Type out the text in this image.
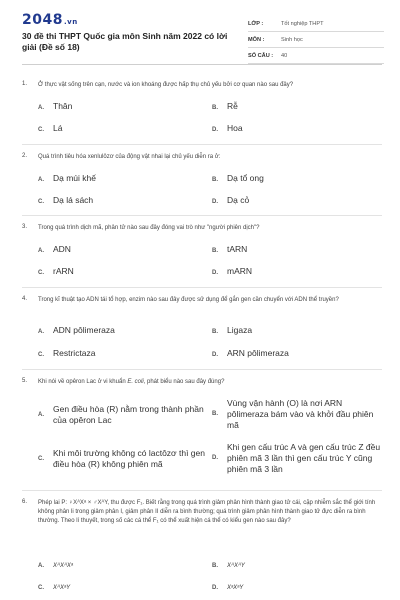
2048.vn
30 đề thi THPT Quốc gia môn Sinh năm 2022 có lời giải (Đề số 18)
LỚP :	Tốt nghiệp THPT
MÔN :	Sinh học
SỐ CÂU : 40
1. Ở thực vật sống trên cạn, nước và ion khoáng được hấp thụ chủ yếu bởi cơ quan nào sau đây?
A. Thân	B. Rễ
C. Lá	D. Hoa
2. Quá trình tiêu hóa xenlulôzơ của động vật nhai lại chủ yếu diễn ra ở:
A. Dạ múi khế	B. Dạ tổ ong
C. Dạ lá sách	D. Dạ cỏ
3. Trong quá trình dịch mã, phân tử nào sau đây đóng vai trò như "người phiên dịch"?
A. ADN	B. tARN
C. rARN	D. mARN
4. Trong kĩ thuật tạo ADN tái tổ hợp, enzim nào sau đây được sử dụng để gắn gen cần chuyển với ADN thể truyền?
A. ADN pôlimeraza	B. Ligaza
C. Restrictaza	D. ARN pôlimeraza
5. Khi nói về opêron Lac ở vi khuẩn E. coli, phát biểu nào sau đây đúng?
A.
Gen điều hòa (R) nằm trong thành phần của opêron Lac
B.
Vùng vận hành (O) là nơi ARN pôlimeraza bám vào và khởi đầu phiên mã
C.
Khi môi trường không có lactôzơ thì gen điều hòa (R) không phiên mã
D.
Khi gen cấu trúc A và gen cấu trúc Z đều phiên mã 3 lần thì gen cấu trúc Y cũng phiên mã 3 lần
6. Phép lai P: ♀XᴬXᵃ × ♂XᴬY, thu được F₁. Biết rằng trong quá trình giảm phân hình thành giao tử cái, cặp nhiễm sắc thể giới tính không phân li trong giảm phân I, giảm phân II diễn ra bình thường; quá trình giảm phân hình thành giao tử đực diễn ra bình thường. Theo lí thuyết, trong số các cá thể F₁ có thể xuất hiện cá thể có kiểu gen nào sau đây?
A. XᴬXᴬXᵃ	B. XᴬXᴬY
C. XᴬXᵃY	D. XᵃXᵃY
